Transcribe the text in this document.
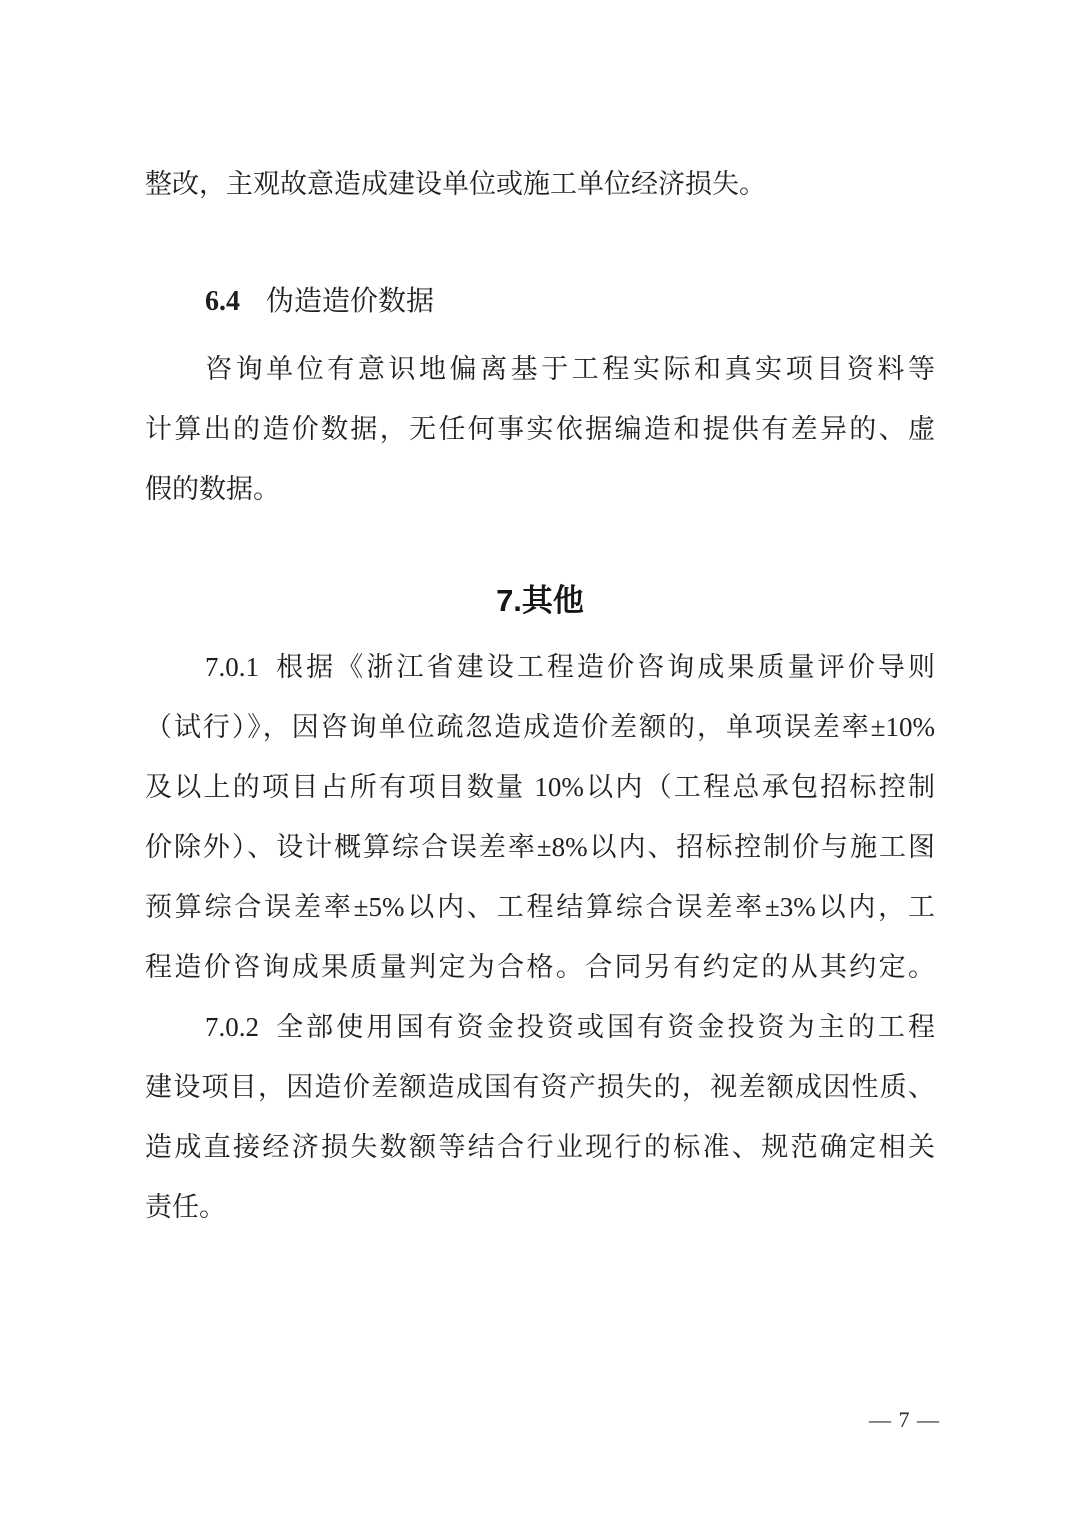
整改，主观故意造成建设单位或施工单位经济损失。
6.4 伪造造价数据
咨询单位有意识地偏离基于工程实际和真实项目资料等
计算出的造价数据，无任何事实依据编造和提供有差异的、虚
假的数据。
7.其他
7.0.1 根据《浙江省建设工程造价咨询成果质量评价导则
（试行）》，因咨询单位疏忽造成造价差额的，单项误差率±10%
及以上的项目占所有项目数量 10%以内（工程总承包招标控制
价除外）、设计概算综合误差率±8%以内、招标控制价与施工图
预算综合误差率±5%以内、工程结算综合误差率±3%以内，工
程造价咨询成果质量判定为合格。合同另有约定的从其约定。
7.0.2 全部使用国有资金投资或国有资金投资为主的工程
建设项目，因造价差额造成国有资产损失的，视差额成因性质、
造成直接经济损失数额等结合行业现行的标准、规范确定相关
责任。
— 7 —
